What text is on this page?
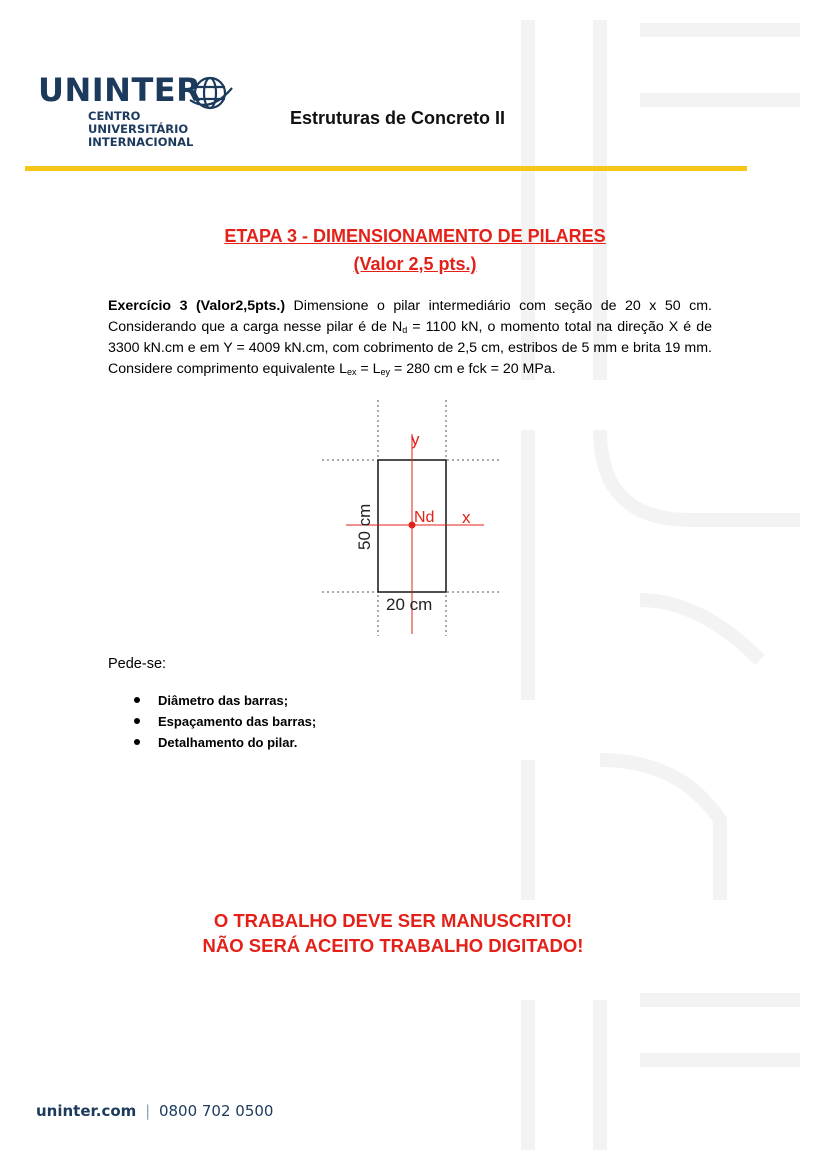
UNINTER
CENTRO
UNIVERSITÁRIO
INTERNACIONAL
Estruturas de Concreto II
ETAPA 3 - DIMENSIONAMENTO DE PILARES
(Valor 2,5 pts.)
Exercício 3 (Valor2,5pts.) Dimensione o pilar intermediário com seção de 20 x 50 cm. Considerando que a carga nesse pilar é de $N_d = 1100$ kN, o momento total na direção X é de 3300 kN.cm e em Y = 4009 kN.cm, com cobrimento de 2,5 cm, estribos de 5 mm e brita 19 mm. Considere comprimento equivalente $L_{ex} = L_{ey} = 280$ cm e fck = 20 MPa.
y
x
Nd
50 cm
20 cm
Pede-se:
Diâmetro das barras;
Espaçamento das barras;
Detalhamento do pilar.
O TRABALHO DEVE SER MANUSCRITO!
NÃO SERÁ ACEITO TRABALHO DIGITADO!
uninter.com | 0800 702 0500
